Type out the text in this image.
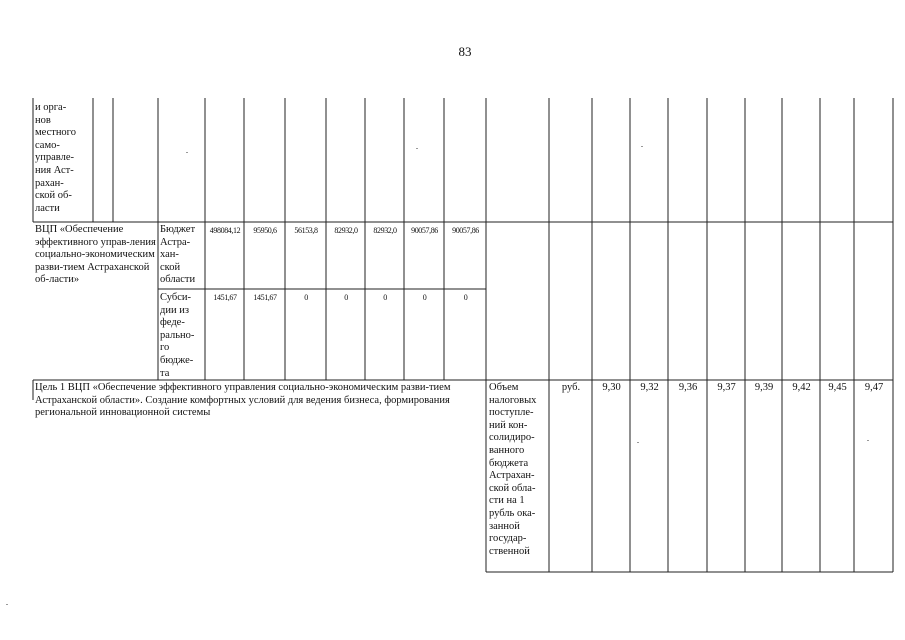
83
и орга-
нов
местного
само-
управле-
ния Аст-
рахан-
ской об-
ласти
ВЦП «Обеспечение эффективного управ-ления социально-экономическим разви-тием Астраханской об-ласти»
Бюджет
Астра-
хан-
ской
области
Субси-
дии из
феде-
рально-
го
бюдже-
та
498084,12	95950,6	56153,8	82932,0	82932,0	90057,86	90057,86
1451,67	1451,67	0	0	0	0	0
Цель 1 ВЦП «Обеспечение эффективного управления социально-экономическим разви-тием Астраханской области». Создание комфортных условий для ведения бизнеса, формирования региональной инновационной системы
Объем
налоговых
поступле-
ний кон-
солидиро-
ванного
бюджета
Астрахан-
ской обла-
сти на 1
рубль ока-
занной
государ-
ственной
руб.	9,30	9,32	9,36	9,37	9,39	9,42	9,45	9,47
